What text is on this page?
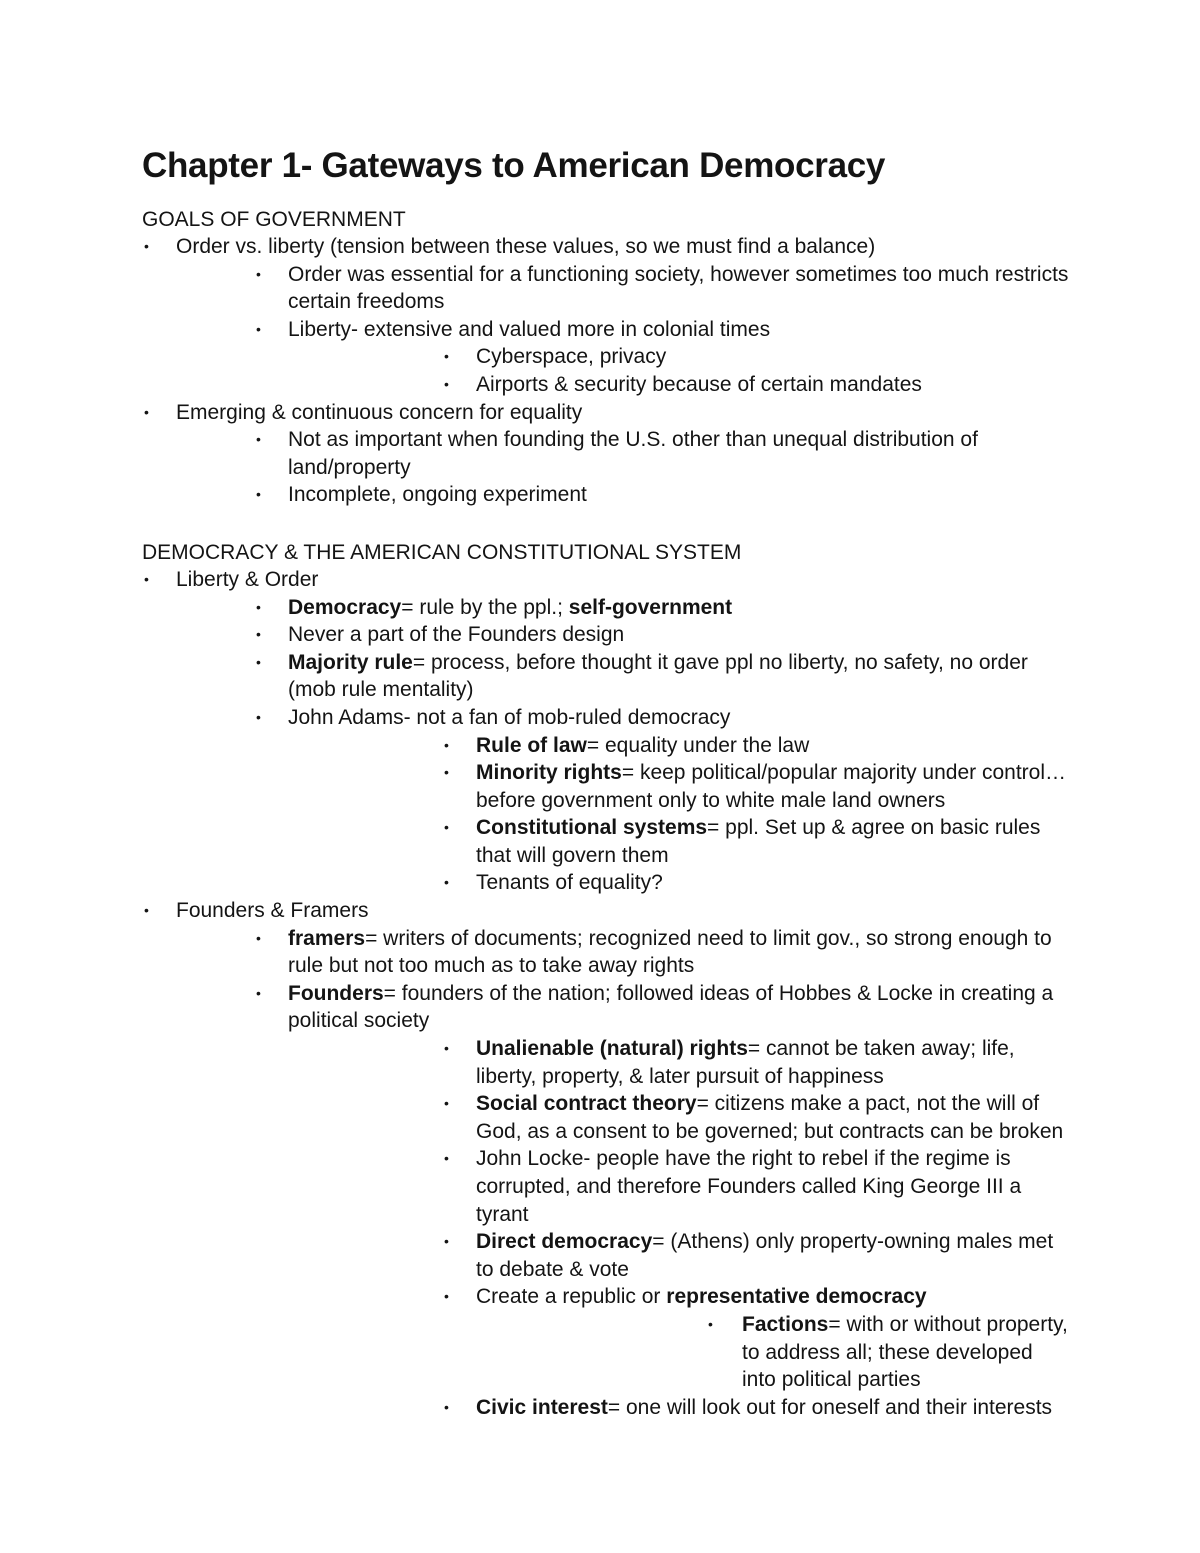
Chapter 1- Gateways to American Democracy

GOALS OF GOVERNMENT

• Order vs. liberty (tension between these values, so we must find a balance)
• Order was essential for a functioning society, however sometimes too much restricts certain freedoms
• Liberty- extensive and valued more in colonial times
• Cyberspace, privacy
• Airports & security because of certain mandates
• Emerging & continuous concern for equality
• Not as important when founding the U.S. other than unequal distribution of land/property
• Incomplete, ongoing experiment

DEMOCRACY & THE AMERICAN CONSTITUTIONAL SYSTEM

• Liberty & Order
• Democracy= rule by the ppl.; self-government
• Never a part of the Founders design
• Majority rule= process, before thought it gave ppl no liberty, no safety, no order (mob rule mentality)
• John Adams- not a fan of mob-ruled democracy
• Rule of law= equality under the law
• Minority rights= keep political/popular majority under control… before government only to white male land owners
• Constitutional systems= ppl. Set up & agree on basic rules that will govern them
• Tenants of equality?
• Founders & Framers
• framers= writers of documents; recognized need to limit gov., so strong enough to rule but not too much as to take away rights
• Founders= founders of the nation; followed ideas of Hobbes & Locke in creating a political society
• Unalienable (natural) rights= cannot be taken away; life, liberty, property, & later pursuit of happiness
• Social contract theory= citizens make a pact, not the will of God, as a consent to be governed; but contracts can be broken
• John Locke- people have the right to rebel if the regime is corrupted, and therefore Founders called King George III a tyrant
• Direct democracy= (Athens) only property-owning males met to debate & vote
• Create a republic or representative democracy
• Factions= with or without property, to address all; these developed into political parties
• Civic interest= one will look out for oneself and their interests
